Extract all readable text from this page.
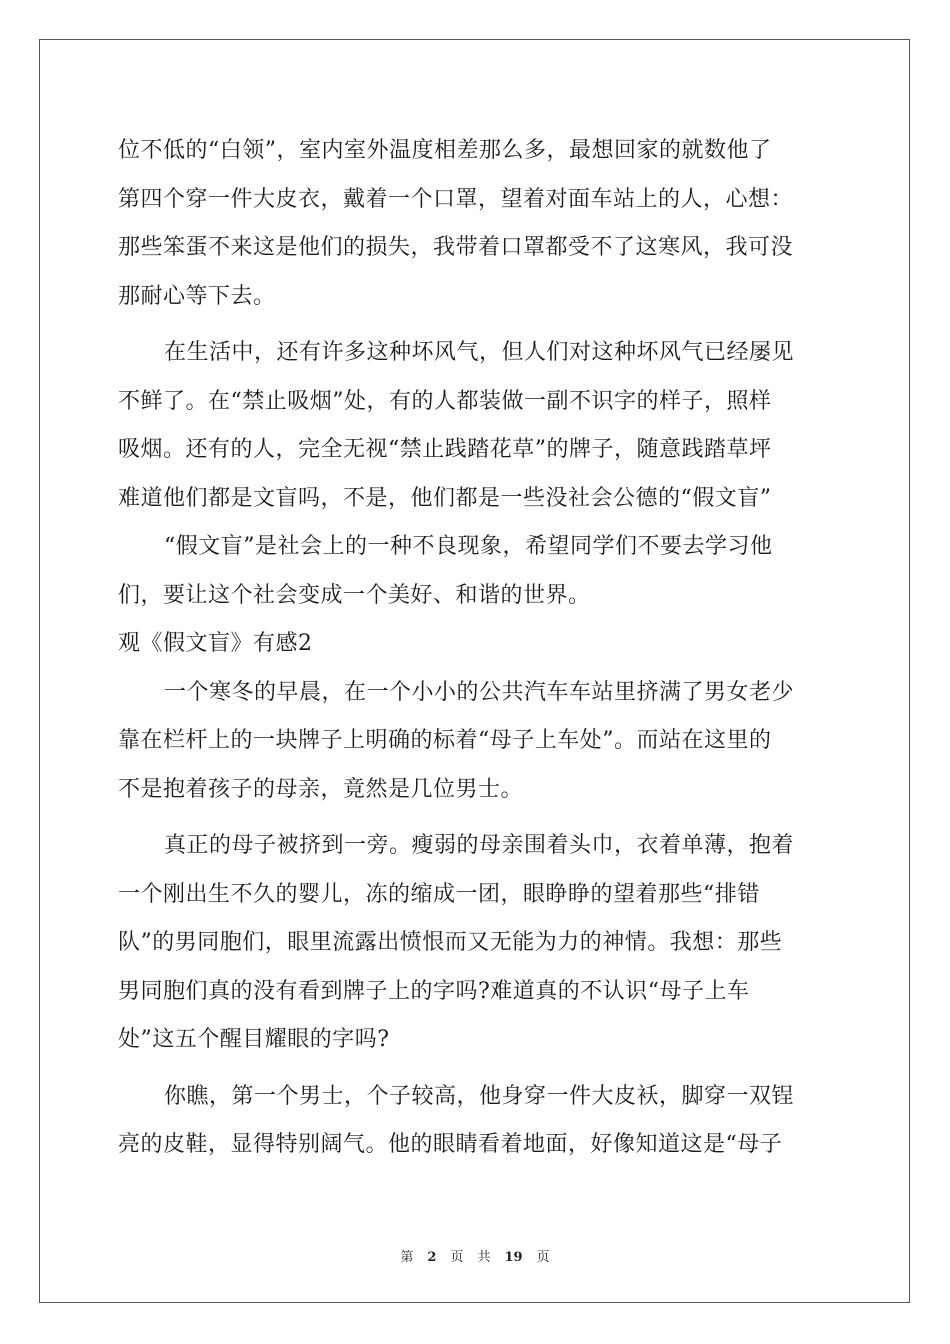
位不低的“白领”，室内室外温度相差那么多，最想回家的就数他了
第四个穿一件大皮衣，戴着一个口罩，望着对面车站上的人，心想：
那些笨蛋不来这是他们的损失，我带着口罩都受不了这寒风，我可没
那耐心等下去。
在生活中，还有许多这种坏风气，但人们对这种坏风气已经屡见
不鲜了。在“禁止吸烟”处，有的人都装做一副不识字的样子，照样
吸烟。还有的人，完全无视“禁止践踏花草”的牌子，随意践踏草坪
难道他们都是文盲吗，不是，他们都是一些没社会公德的“假文盲”
“假文盲”是社会上的一种不良现象，希望同学们不要去学习他
们，要让这个社会变成一个美好、和谐的世界。
观《假文盲》有感2
一个寒冬的早晨，在一个小小的公共汽车车站里挤满了男女老少
靠在栏杆上的一块牌子上明确的标着“母子上车处”。而站在这里的
不是抱着孩子的母亲，竟然是几位男士。
真正的母子被挤到一旁。瘦弱的母亲围着头巾，衣着单薄，抱着
一个刚出生不久的婴儿，冻的缩成一团，眼睁睁的望着那些“排错
队”的男同胞们，眼里流露出愤恨而又无能为力的神情。我想：那些
男同胞们真的没有看到牌子上的字吗?难道真的不认识“母子上车
处”这五个醒目耀眼的字吗?
你瞧，第一个男士，个子较高，他身穿一件大皮袄，脚穿一双锃
亮的皮鞋，显得特别阔气。他的眼睛看着地面，好像知道这是“母子
第 2 页 共 19 页
